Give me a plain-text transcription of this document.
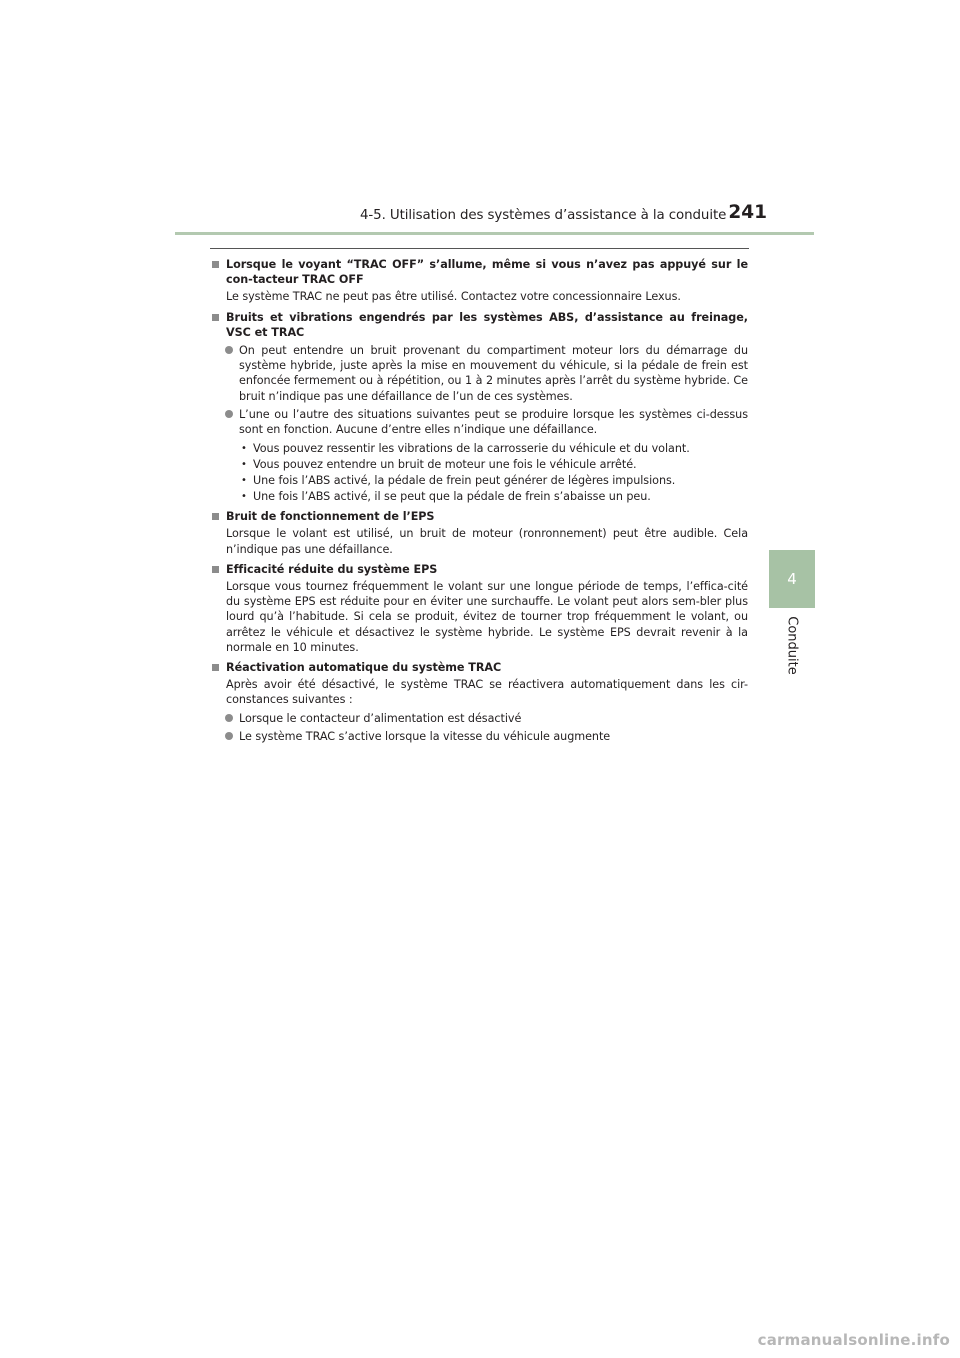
4-5. Utilisation des systèmes d’assistance à la conduite 241
4
Conduite
Lorsque le voyant “TRAC OFF” s’allume, même si vous n’avez pas appuyé sur le con-tacteur TRAC OFF
Le système TRAC ne peut pas être utilisé. Contactez votre concessionnaire Lexus.
Bruits et vibrations engendrés par les systèmes ABS, d’assistance au freinage, VSC et TRAC
On peut entendre un bruit provenant du compartiment moteur lors du démarrage du système hybride, juste après la mise en mouvement du véhicule, si la pédale de frein est enfoncée fermement ou à répétition, ou 1 à 2 minutes après l’arrêt du système hybride. Ce bruit n’indique pas une défaillance de l’un de ces systèmes.
L’une ou l’autre des situations suivantes peut se produire lorsque les systèmes ci-dessus sont en fonction. Aucune d’entre elles n’indique une défaillance.
• Vous pouvez ressentir les vibrations de la carrosserie du véhicule et du volant.
• Vous pouvez entendre un bruit de moteur une fois le véhicule arrêté.
• Une fois l’ABS activé, la pédale de frein peut générer de légères impulsions.
• Une fois l’ABS activé, il se peut que la pédale de frein s’abaisse un peu.
Bruit de fonctionnement de l’EPS
Lorsque le volant est utilisé, un bruit de moteur (ronronnement) peut être audible. Cela n’indique pas une défaillance.
Efficacité réduite du système EPS
Lorsque vous tournez fréquemment le volant sur une longue période de temps, l’effica-cité du système EPS est réduite pour en éviter une surchauffe. Le volant peut alors sem-bler plus lourd qu’à l’habitude. Si cela se produit, évitez de tourner trop fréquemment le volant, ou arrêtez le véhicule et désactivez le système hybride. Le système EPS devrait revenir à la normale en 10 minutes.
Réactivation automatique du système TRAC
Après avoir été désactivé, le système TRAC se réactivera automatiquement dans les cir-constances suivantes :
Lorsque le contacteur d’alimentation est désactivé
Le système TRAC s’active lorsque la vitesse du véhicule augmente
carmanualsonline.info
